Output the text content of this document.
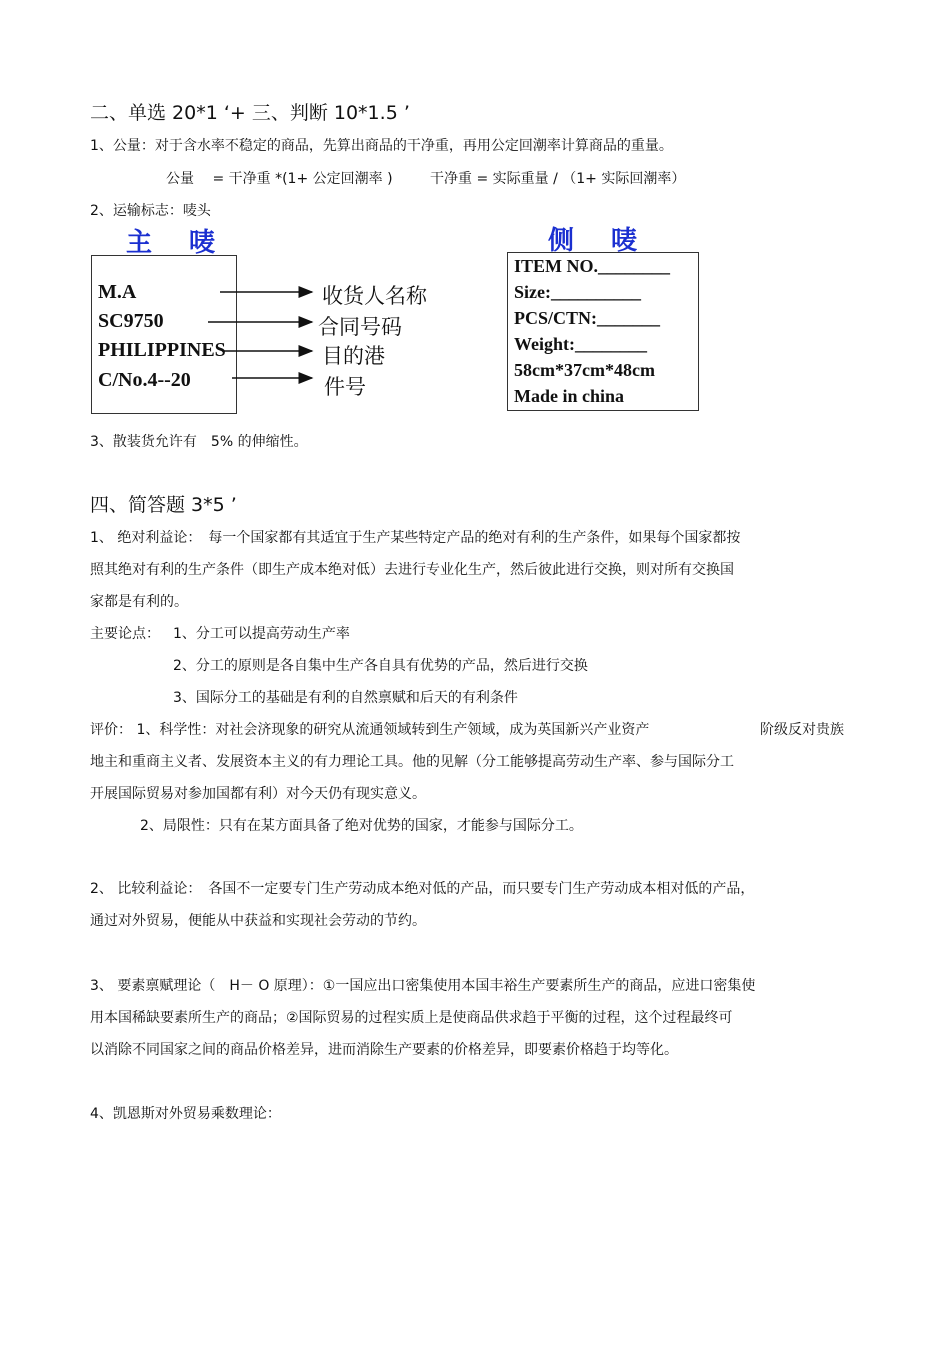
二、单选 20*1 ‘+ 三、判断 10*1.5 ’
1、公量：对于含水率不稳定的商品，先算出商品的干净重，再用公定回潮率计算商品的重量。
公量　 = 干净重 *(1+ 公定回潮率 )	干净重 = 实际重量 / （1+ 实际回潮率）
2、运输标志：唛头
主 唛
M.A
SC9750
PHILIPPINES
C/No.4--20
收货人名称
合同号码
目的港
件号
侧 唛
ITEM NO.________
Size:__________
PCS/CTN:_______
Weight:________
58cm*37cm*48cm
Made in china
3、散装货允许有　5% 的伸缩性。
四、简答题 3*5 ’
1、 绝对利益论：　每一个国家都有其适宜于生产某些特定产品的绝对有利的生产条件，如果每个国家都按
照其绝对有利的生产条件（即生产成本绝对低）去进行专业化生产，然后彼此进行交换，则对所有交换国
家都是有利的。
主要论点： 1、分工可以提高劳动生产率
2、分工的原则是各自集中生产各自具有优势的产品，然后进行交换
3、国际分工的基础是有利的自然禀赋和后天的有利条件
评价： 1、科学性：对社会济现象的研究从流通领域转到生产领域，成为英国新兴产业资产	阶级反对贵族
地主和重商主义者、发展资本主义的有力理论工具。他的见解（分工能够提高劳动生产率、参与国际分工
开展国际贸易对参加国都有利）对今天仍有现实意义。
2、局限性：只有在某方面具备了绝对优势的国家，才能参与国际分工。
2、 比较利益论：　各国不一定要专门生产劳动成本绝对低的产品，而只要专门生产劳动成本相对低的产品，
通过对外贸易，便能从中获益和实现社会劳动的节约。
3、 要素禀赋理论（　H－ O 原理）：①一国应出口密集使用本国丰裕生产要素所生产的商品，应进口密集使
用本国稀缺要素所生产的商品；②国际贸易的过程实质上是使商品供求趋于平衡的过程，这个过程最终可
以消除不同国家之间的商品价格差异，进而消除生产要素的价格差异，即要素价格趋于均等化。
4、凯恩斯对外贸易乘数理论：
